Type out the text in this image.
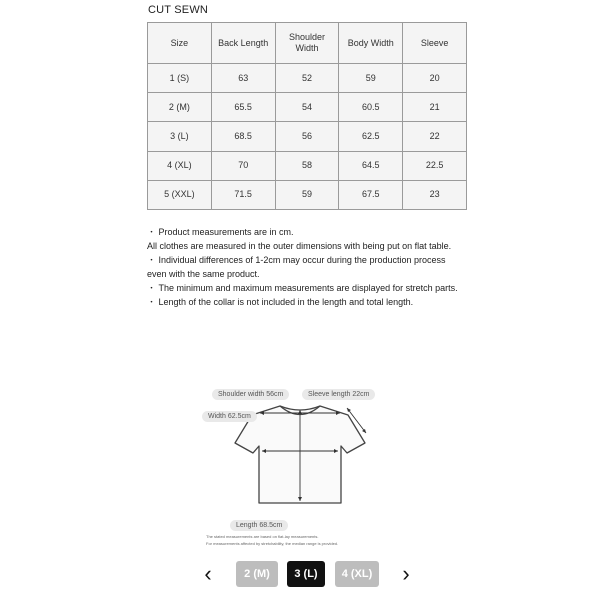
CUT SEWN
Size	Back Length	Shoulder Width	Body Width	Sleeve
1 (S)	63	52	59	20
2 (M)	65.5	54	60.5	21
3 (L)	68.5	56	62.5	22
4 (XL)	70	58	64.5	22.5
5 (XXL)	71.5	59	67.5	23

・ Product measurements are in cm.

All clothes are measured in the outer dimensions with being put on flat table.

・ Individual differences of 1-2cm may occur during the production process even with the same product.

・ The minimum and maximum measurements are displayed for stretch parts.

・ Length of the collar is not included in the length and total length.

Shoulder width 56cm	Sleeve length 22cm
Width 62.5cm
Length 68.5cm
The stated measurements are based on flat-lay measurements.
For measurements affected by stretchability, the median range is provided.
‹	2 (M)	3 (L)	4 (XL)	›
